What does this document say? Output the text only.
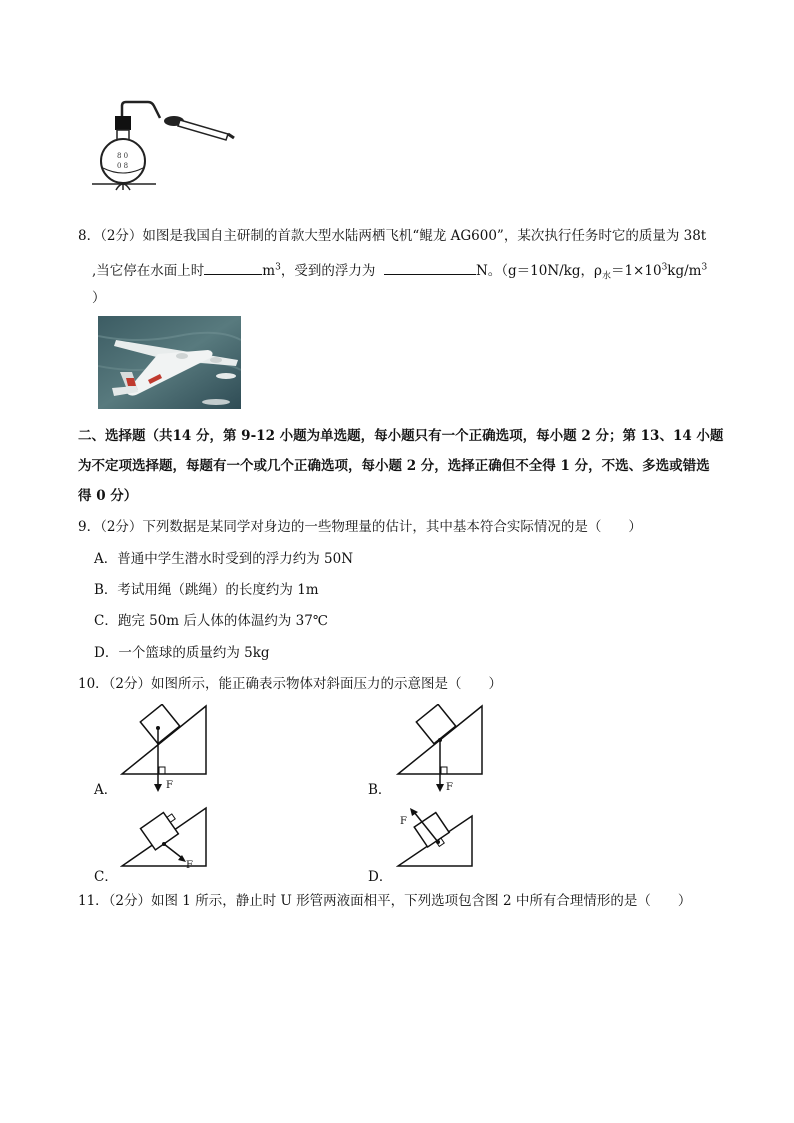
8 0
0 8
8．（2分）如图是我国自主研制的首款大型水陆两栖飞机“鲲龙 AG600”，某次执行任务时它的质量为 38t
,当它停在水面上时	$m^3$，受到的浮力为	N。（g＝10N/kg，$\rho_水=1\times 10^3kg/m^3$
）
二、选择题（共14 分，第 9-12 小题为单选题，每小题只有一个正确选项，每小题 2 分；第 13、14 小题
为不定项选择题，每题有一个或几个正确选项，每小题 2 分，选择正确但不全得 1 分，不选、多选或错选
得 0 分）
9．（2分）下列数据是某同学对身边的一些物理量的估计，其中基本符合实际情况的是（　　）
A．普通中学生潜水时受到的浮力约为 50N
B．考试用绳（跳绳）的长度约为 1m
C．跑完 50m 后人体的体温约为 37℃
D．一个篮球的质量约为 5kg
10．（2分）如图所示，能正确表示物体对斜面压力的示意图是（　　）
F
A．	F
B．
F
C．
F
D．
11．（2分）如图 1 所示，静止时 U 形管两液面相平，下列选项包含图 2 中所有合理情形的是（　　）
